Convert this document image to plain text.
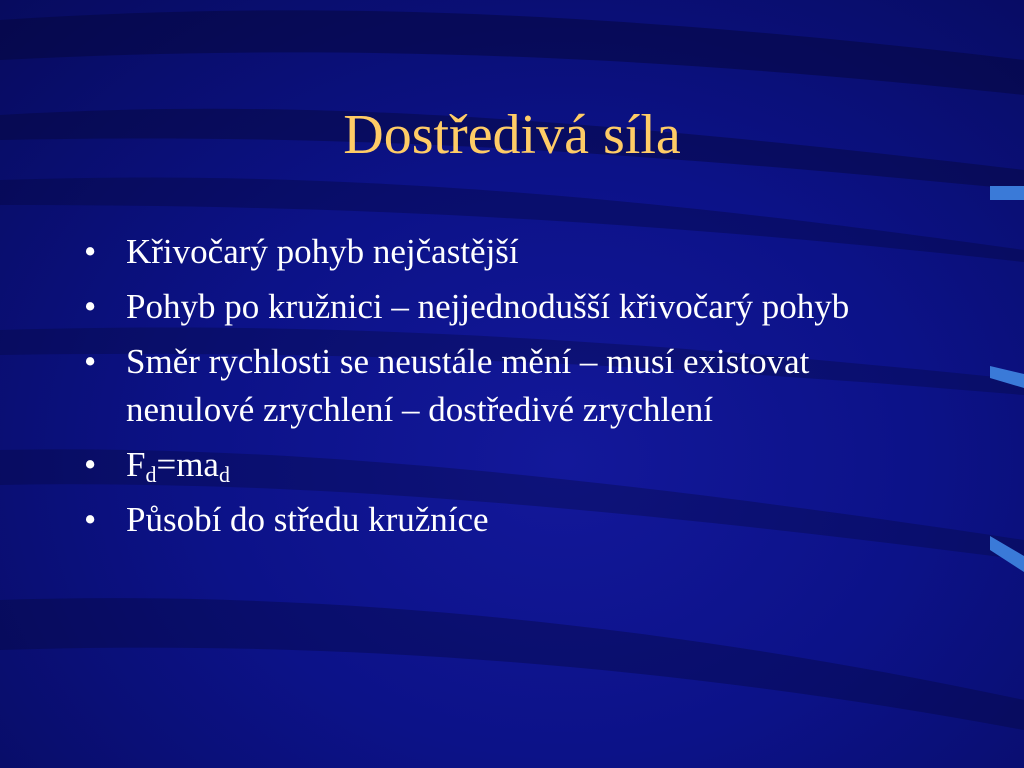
Dostředivá síla
• Křivočarý pohyb nejčastější
• Pohyb po kružnici – nejjednodušší křivočarý pohyb
• Směr rychlosti se neustále mění – musí existovat nenulové zrychlení – dostředivé zrychlení
• $F_d=ma_d$
• Působí do středu kružníce
